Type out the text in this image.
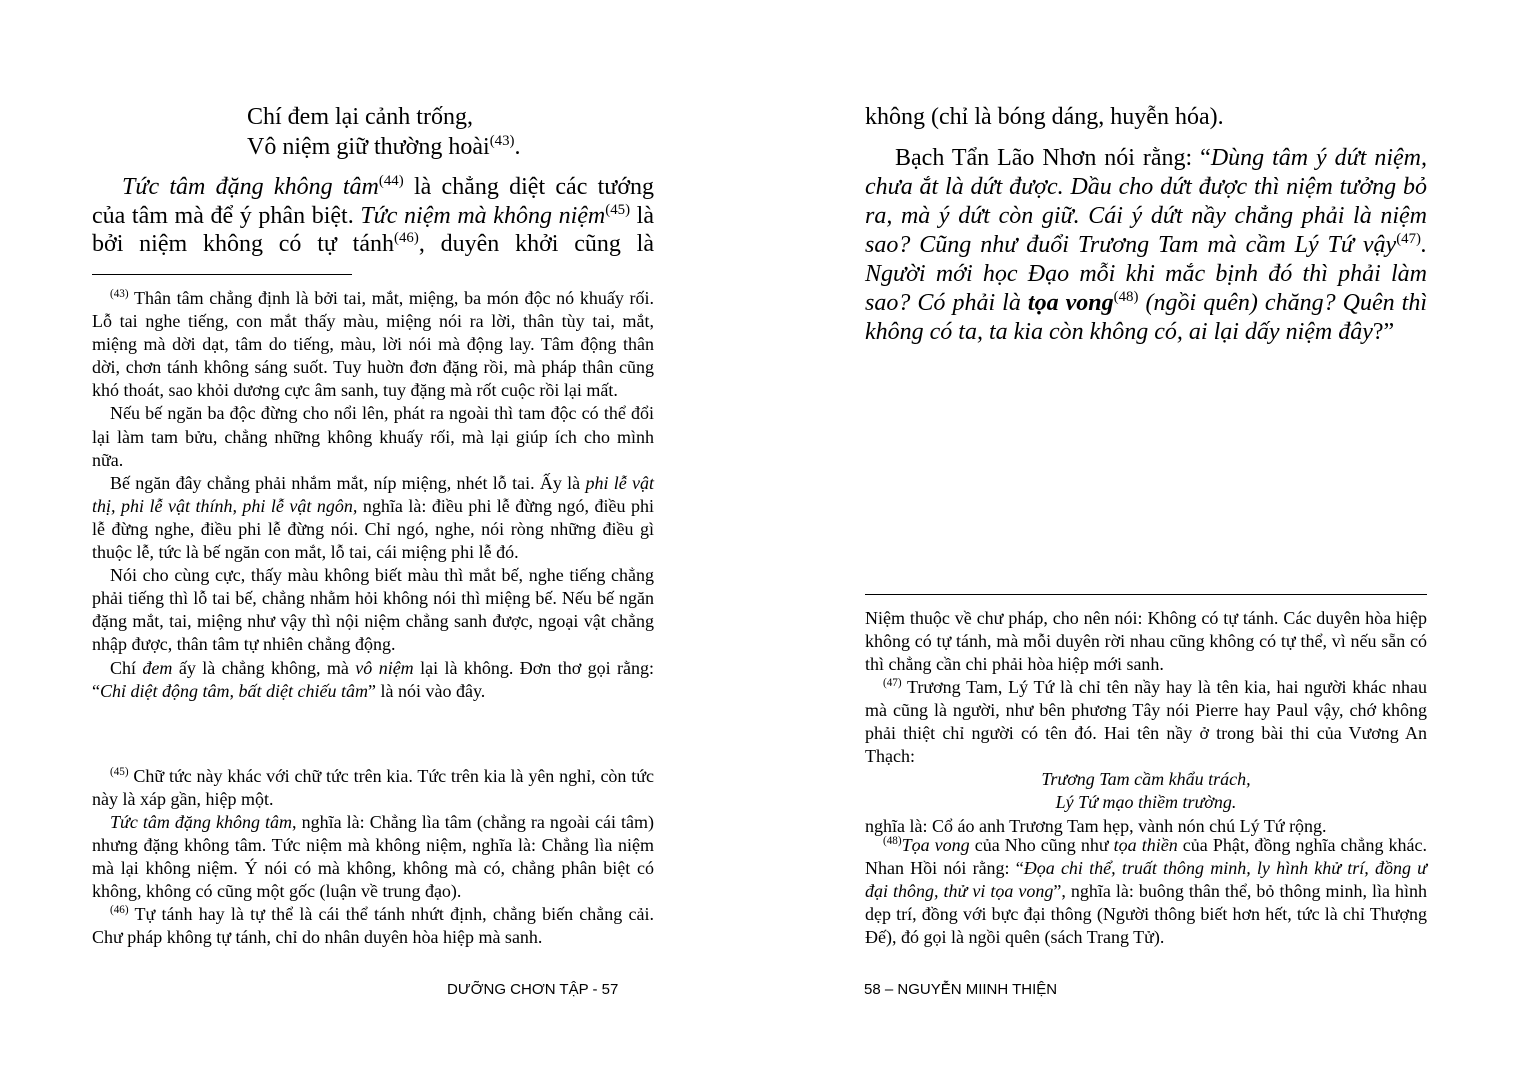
Chí đem lại cảnh trống,
Vô niệm giữ thường hoài$^{(43)}$.

Tức tâm đặng không tâm$^{(44)}$ là chẳng diệt các tướng của tâm mà để ý phân biệt. Tức niệm mà không niệm$^{(45)}$ là bởi niệm không có tự tánh$^{(46)}$, duyên khởi cũng là

$^{(43)}$ Thân tâm chẳng định là bởi tai, mắt, miệng, ba món độc nó khuấy rối. Lỗ tai nghe tiếng, con mắt thấy màu, miệng nói ra lời, thân tùy tai, mắt, miệng mà dời dạt, tâm do tiếng, màu, lời nói mà động lay. Tâm động thân dời, chơn tánh không sáng suốt. Tuy huờn đơn đặng rồi, mà pháp thân cũng khó thoát, sao khỏi dương cực âm sanh, tuy đặng mà rốt cuộc rồi lại mất.

Nếu bế ngăn ba độc đừng cho nổi lên, phát ra ngoài thì tam độc có thể đổi lại làm tam bửu, chẳng những không khuấy rối, mà lại giúp ích cho mình nữa.

Bế ngăn đây chẳng phải nhắm mắt, níp miệng, nhét lỗ tai. Ấy là phi lễ vật thị, phi lễ vật thính, phi lễ vật ngôn, nghĩa là: điều phi lễ đừng ngó, điều phi lễ đừng nghe, điều phi lễ đừng nói. Chỉ ngó, nghe, nói ròng những điều gì thuộc lễ, tức là bế ngăn con mắt, lỗ tai, cái miệng phi lễ đó.

Nói cho cùng cực, thấy màu không biết màu thì mắt bế, nghe tiếng chẳng phải tiếng thì lỗ tai bế, chẳng nhằm hỏi không nói thì miệng bế. Nếu bế ngăn đặng mắt, tai, miệng như vậy thì nội niệm chẳng sanh được, ngoại vật chẳng nhập được, thân tâm tự nhiên chẳng động.

Chí đem ấy là chẳng không, mà vô niệm lại là không. Đơn thơ gọi rằng: “Chỉ diệt động tâm, bất diệt chiếu tâm” là nói vào đây.

$^{(45)}$ Chữ tức này khác với chữ tức trên kia. Tức trên kia là yên nghỉ, còn tức này là xáp gần, hiệp một.

Tức tâm đặng không tâm, nghĩa là: Chẳng lìa tâm (chẳng ra ngoài cái tâm) nhưng đặng không tâm. Tức niệm mà không niệm, nghĩa là: Chẳng lìa niệm mà lại không niệm. Ý nói có mà không, không mà có, chẳng phân biệt có không, không có cũng một gốc (luận về trung đạo).

$^{(46)}$ Tự tánh hay là tự thể là cái thể tánh nhứt định, chẳng biến chẳng cải. Chư pháp không tự tánh, chỉ do nhân duyên hòa hiệp mà sanh.

DƯỠNG CHƠN TẬP - 57

không (chỉ là bóng dáng, huyễn hóa).

Bạch Tẩn Lão Nhơn nói rằng: “Dùng tâm ý dứt niệm, chưa ắt là dứt được. Dầu cho dứt được thì niệm tưởng bỏ ra, mà ý dứt còn giữ. Cái ý dứt nầy chẳng phải là niệm sao? Cũng như đuổi Trương Tam mà cầm Lý Tứ vậy$^{(47)}$. Người mới học Đạo mỗi khi mắc bịnh đó thì phải làm sao? Có phải là tọa vong$^{(48)}$ (ngồi quên) chăng? Quên thì không có ta, ta kia còn không có, ai lại dấy niệm đây?”

Niệm thuộc về chư pháp, cho nên nói: Không có tự tánh. Các duyên hòa hiệp không có tự tánh, mà mỗi duyên rời nhau cũng không có tự thể, vì nếu sẵn có thì chẳng cần chi phải hòa hiệp mới sanh.

$^{(47)}$ Trương Tam, Lý Tứ là chỉ tên nầy hay là tên kia, hai người khác nhau mà cũng là người, như bên phương Tây nói Pierre hay Paul vậy, chớ không phải thiệt chỉ người có tên đó. Hai tên nầy ở trong bài thi của Vương An Thạch:

Trương Tam cầm khẩu trách,

Lý Tứ mạo thiềm trường.

nghĩa là: Cổ áo anh Trương Tam hẹp, vành nón chú Lý Tứ rộng.

$^{(48)}$Tọa vong của Nho cũng như tọa thiền của Phật, đồng nghĩa chẳng khác. Nhan Hồi nói rằng: “Đọa chi thể, truất thông minh, ly hình khử trí, đồng ư đại thông, thử vi tọa vong”, nghĩa là: buông thân thể, bỏ thông minh, lìa hình dẹp trí, đồng với bực đại thông (Người thông biết hơn hết, tức là chỉ Thượng Đế), đó gọi là ngồi quên (sách Trang Tử).

58 – NGUYỄN MIINH THIỆN
